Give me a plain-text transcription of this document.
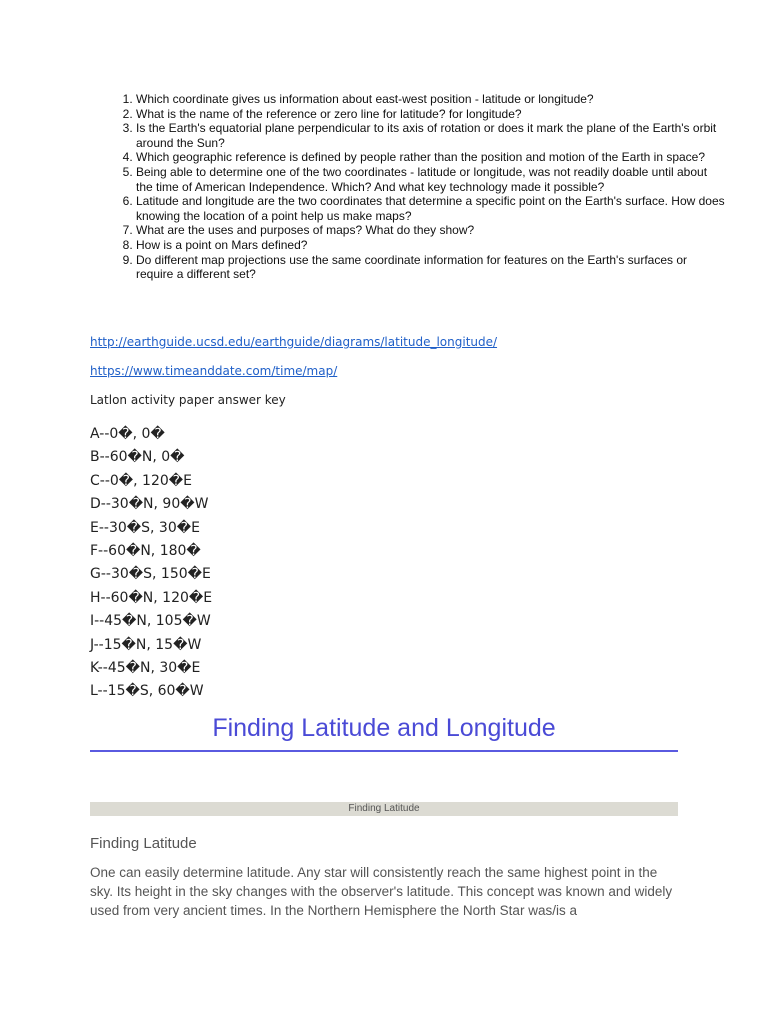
1. Which coordinate gives us information about east-west position - latitude or longitude?
2. What is the name of the reference or zero line for latitude? for longitude?
3. Is the Earth's equatorial plane perpendicular to its axis of rotation or does it mark the plane of the Earth's orbit around the Sun?
4. Which geographic reference is defined by people rather than the position and motion of the Earth in space?
5. Being able to determine one of the two coordinates - latitude or longitude, was not readily doable until about the time of American Independence. Which? And what key technology made it possible?
6. Latitude and longitude are the two coordinates that determine a specific point on the Earth's surface. How does knowing the location of a point help us make maps?
7. What are the uses and purposes of maps? What do they show?
8. How is a point on Mars defined?
9. Do different map projections use the same coordinate information for features on the Earth's surfaces or require a different set?
http://earthguide.ucsd.edu/earthguide/diagrams/latitude_longitude/
https://www.timeanddate.com/time/map/
Latlon activity paper answer key
A--0�, 0�
B--60�N, 0�
C--0�, 120�E
D--30�N, 90�W
E--30�S, 30�E
F--60�N, 180�
G--30�S, 150�E
H--60�N, 120�E
I--45�N, 105�W
J--15�N, 15�W
K--45�N, 30�E
L--15�S, 60�W
Finding Latitude and Longitude
Finding Latitude
Finding Latitude

One can easily determine latitude. Any star will consistently reach the same highest point in the sky. Its height in the sky changes with the observer's latitude. This concept was known and widely used from very ancient times. In the Northern Hemisphere the North Star was/is a
